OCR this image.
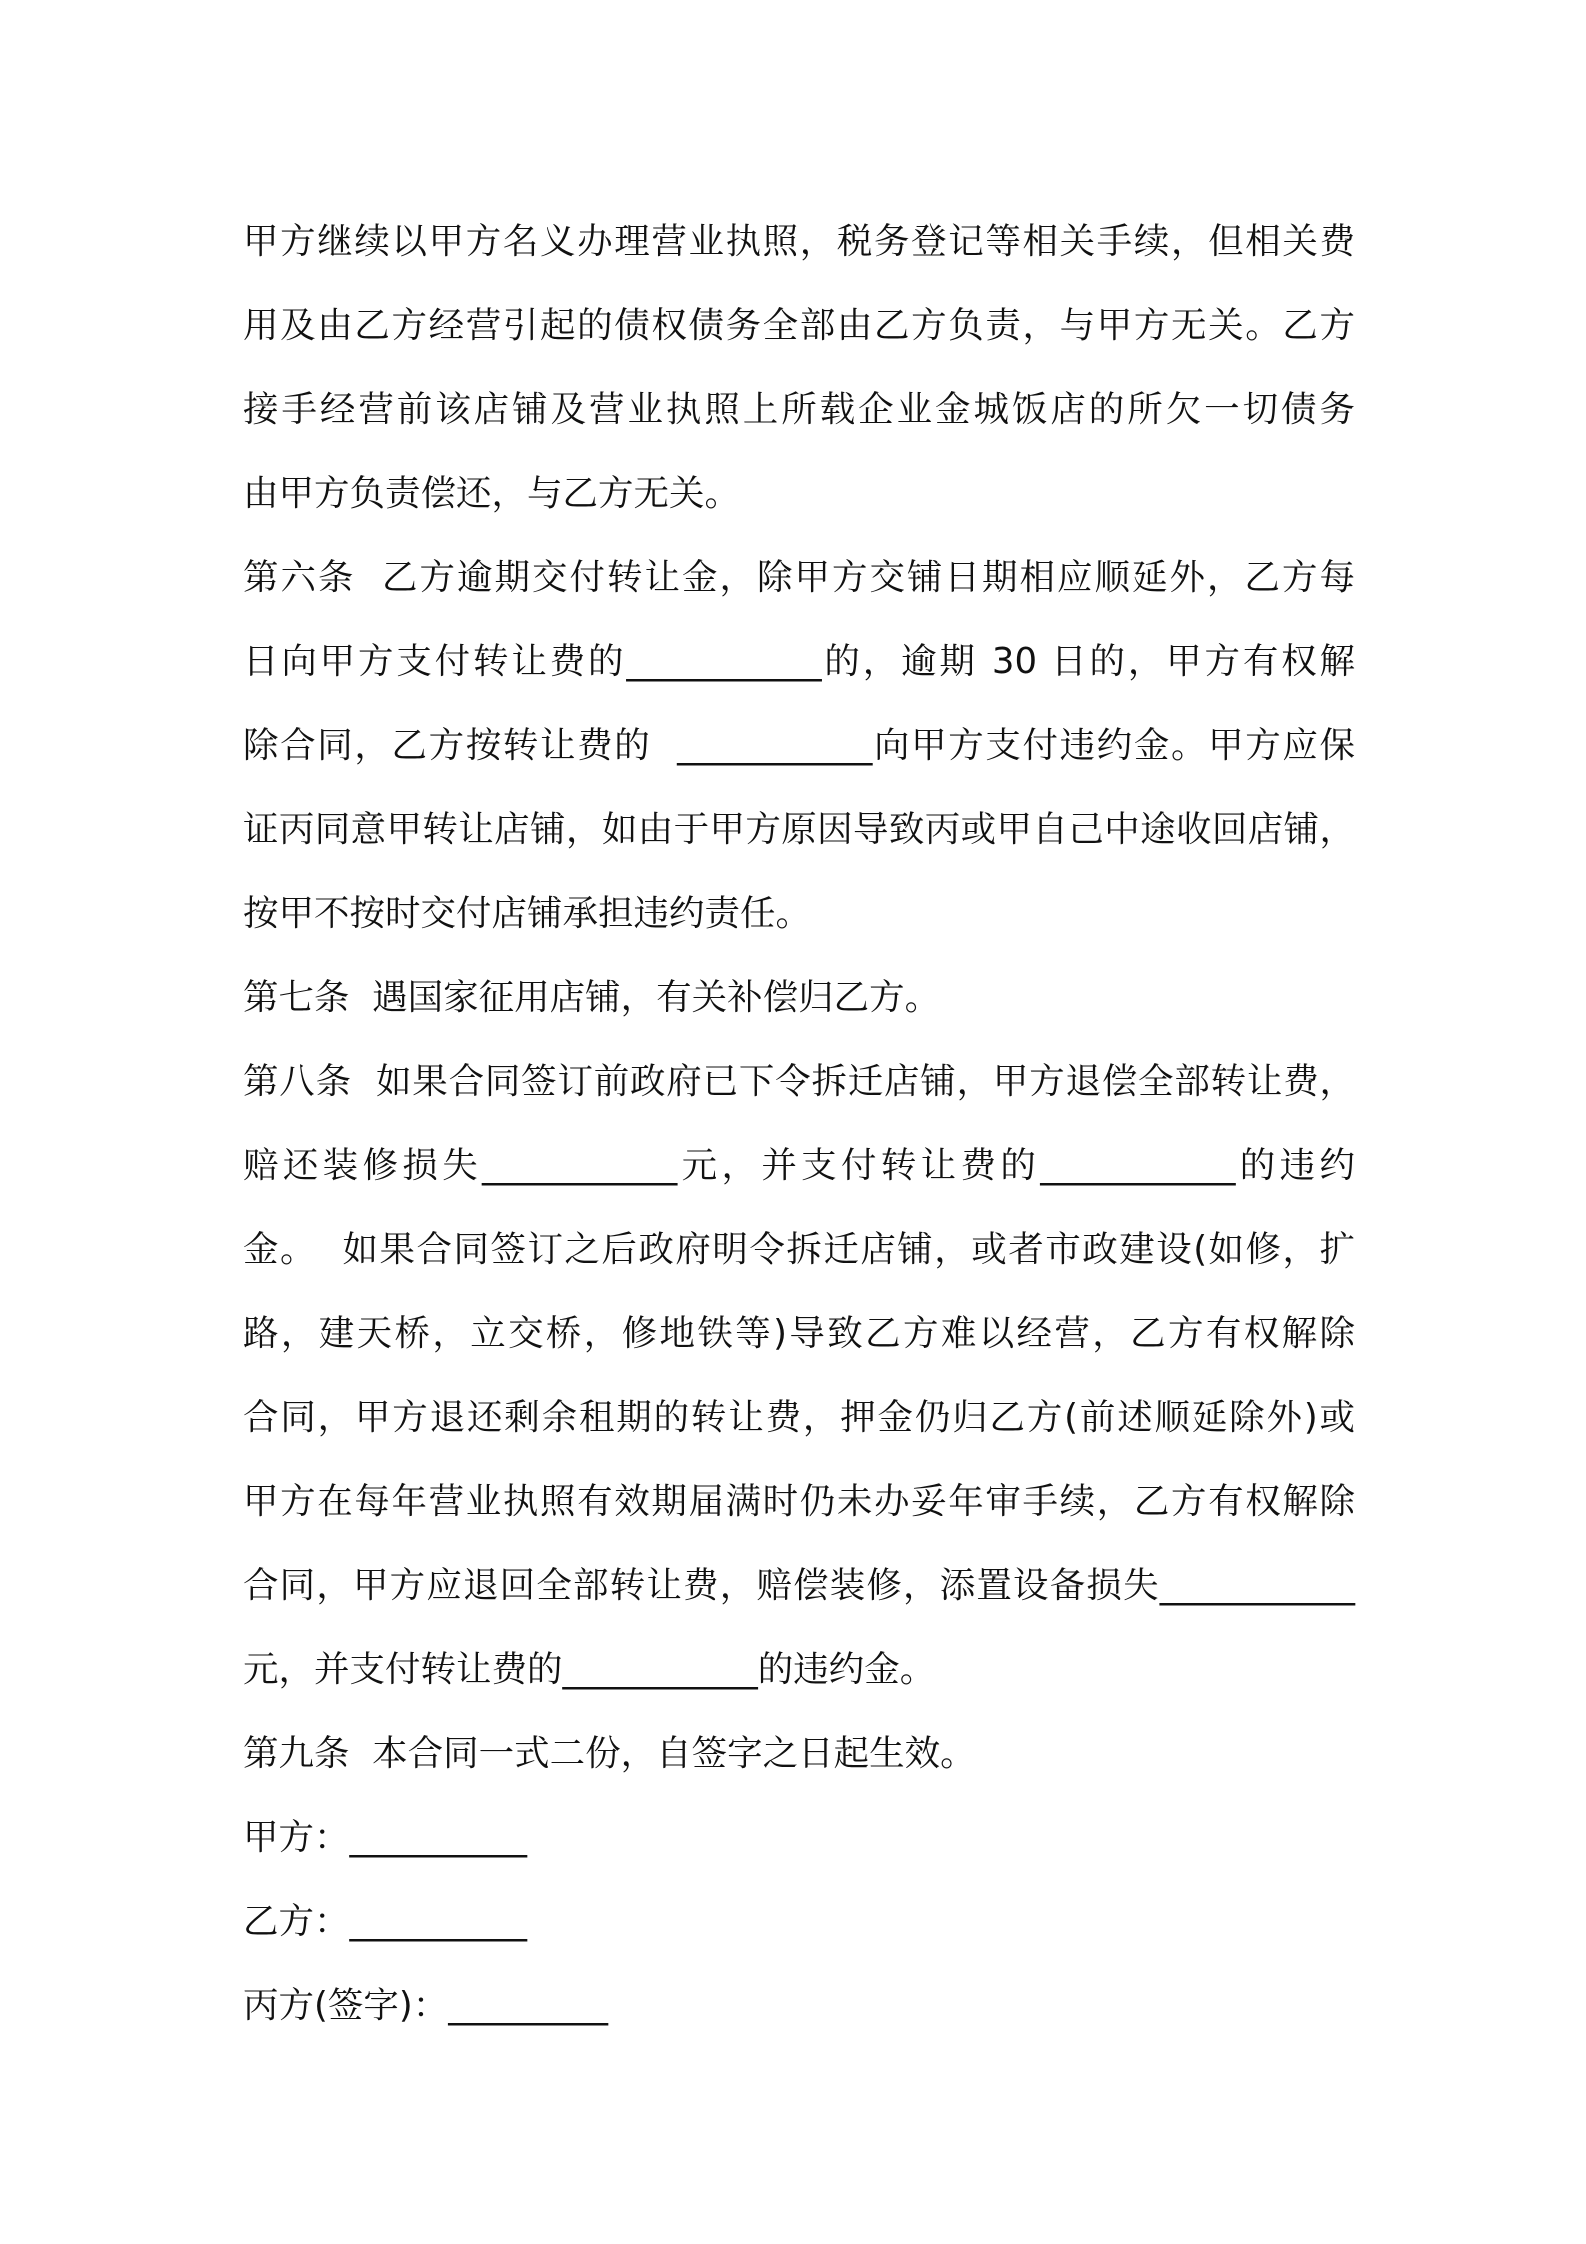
甲方继续以甲方名义办理营业执照，税务登记等相关手续，但相关费
用及由乙方经营引起的债权债务全部由乙方负责，与甲方无关。乙方
接手经营前该店铺及营业执照上所载企业金城饭店的所欠一切债务
由甲方负责偿还，与乙方无关。
第六条  乙方逾期交付转让金，除甲方交铺日期相应顺延外，乙方每
日向甲方支付转让费的___________的，逾期 30 日的，甲方有权解
除合同，乙方按转让费的  ___________向甲方支付违约金。甲方应保
证丙同意甲转让店铺，如由于甲方原因导致丙或甲自己中途收回店铺，
按甲不按时交付店铺承担违约责任。
第七条  遇国家征用店铺，有关补偿归乙方。
第八条  如果合同签订前政府已下令拆迁店铺，甲方退偿全部转让费，
赔还装修损失___________元，并支付转让费的___________的违约
金。  如果合同签订之后政府明令拆迁店铺，或者市政建设(如修，扩
路，建天桥，立交桥，修地铁等)导致乙方难以经营，乙方有权解除
合同，甲方退还剩余租期的转让费，押金仍归乙方(前述顺延除外)或
甲方在每年营业执照有效期届满时仍未办妥年审手续，乙方有权解除
合同，甲方应退回全部转让费，赔偿装修，添置设备损失___________
元，并支付转让费的___________的违约金。
第九条  本合同一式二份，自签字之日起生效。
甲方：__________
乙方：__________
丙方(签字)：_________
